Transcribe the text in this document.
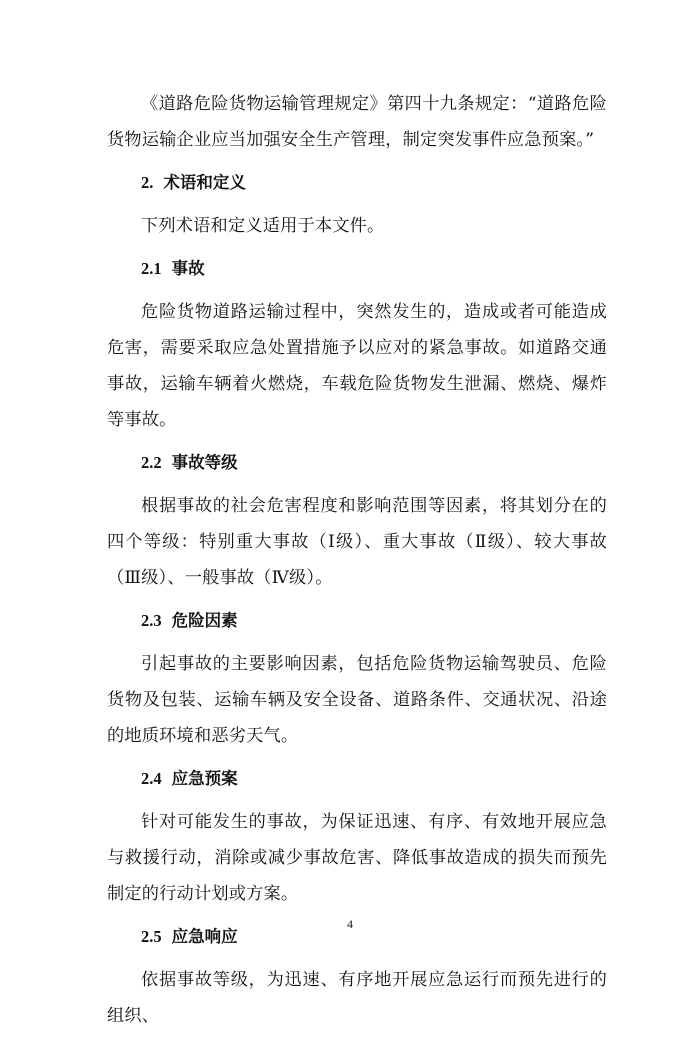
《道路危险货物运输管理规定》第四十九条规定：“道路危险货物运输企业应当加强安全生产管理，制定突发事件应急预案。”

2. 术语和定义

下列术语和定义适用于本文件。

2.1 事故

危险货物道路运输过程中，突然发生的，造成或者可能造成危害，需要采取应急处置措施予以应对的紧急事故。如道路交通事故，运输车辆着火燃烧，车载危险货物发生泄漏、燃烧、爆炸等事故。

2.2 事故等级

根据事故的社会危害程度和影响范围等因素，将其划分在的四个等级：特别重大事故（Ⅰ级）、重大事故（Ⅱ级）、较大事故（Ⅲ级）、一般事故（Ⅳ级）。

2.3 危险因素

引起事故的主要影响因素，包括危险货物运输驾驶员、危险货物及包装、运输车辆及安全设备、道路条件、交通状况、沿途的地质环境和恶劣天气。

2.4 应急预案

针对可能发生的事故，为保证迅速、有序、有效地开展应急与救援行动，消除或减少事故危害、降低事故造成的损失而预先制定的行动计划或方案。

2.5 应急响应

依据事故等级，为迅速、有序地开展应急运行而预先进行的组织、

4
